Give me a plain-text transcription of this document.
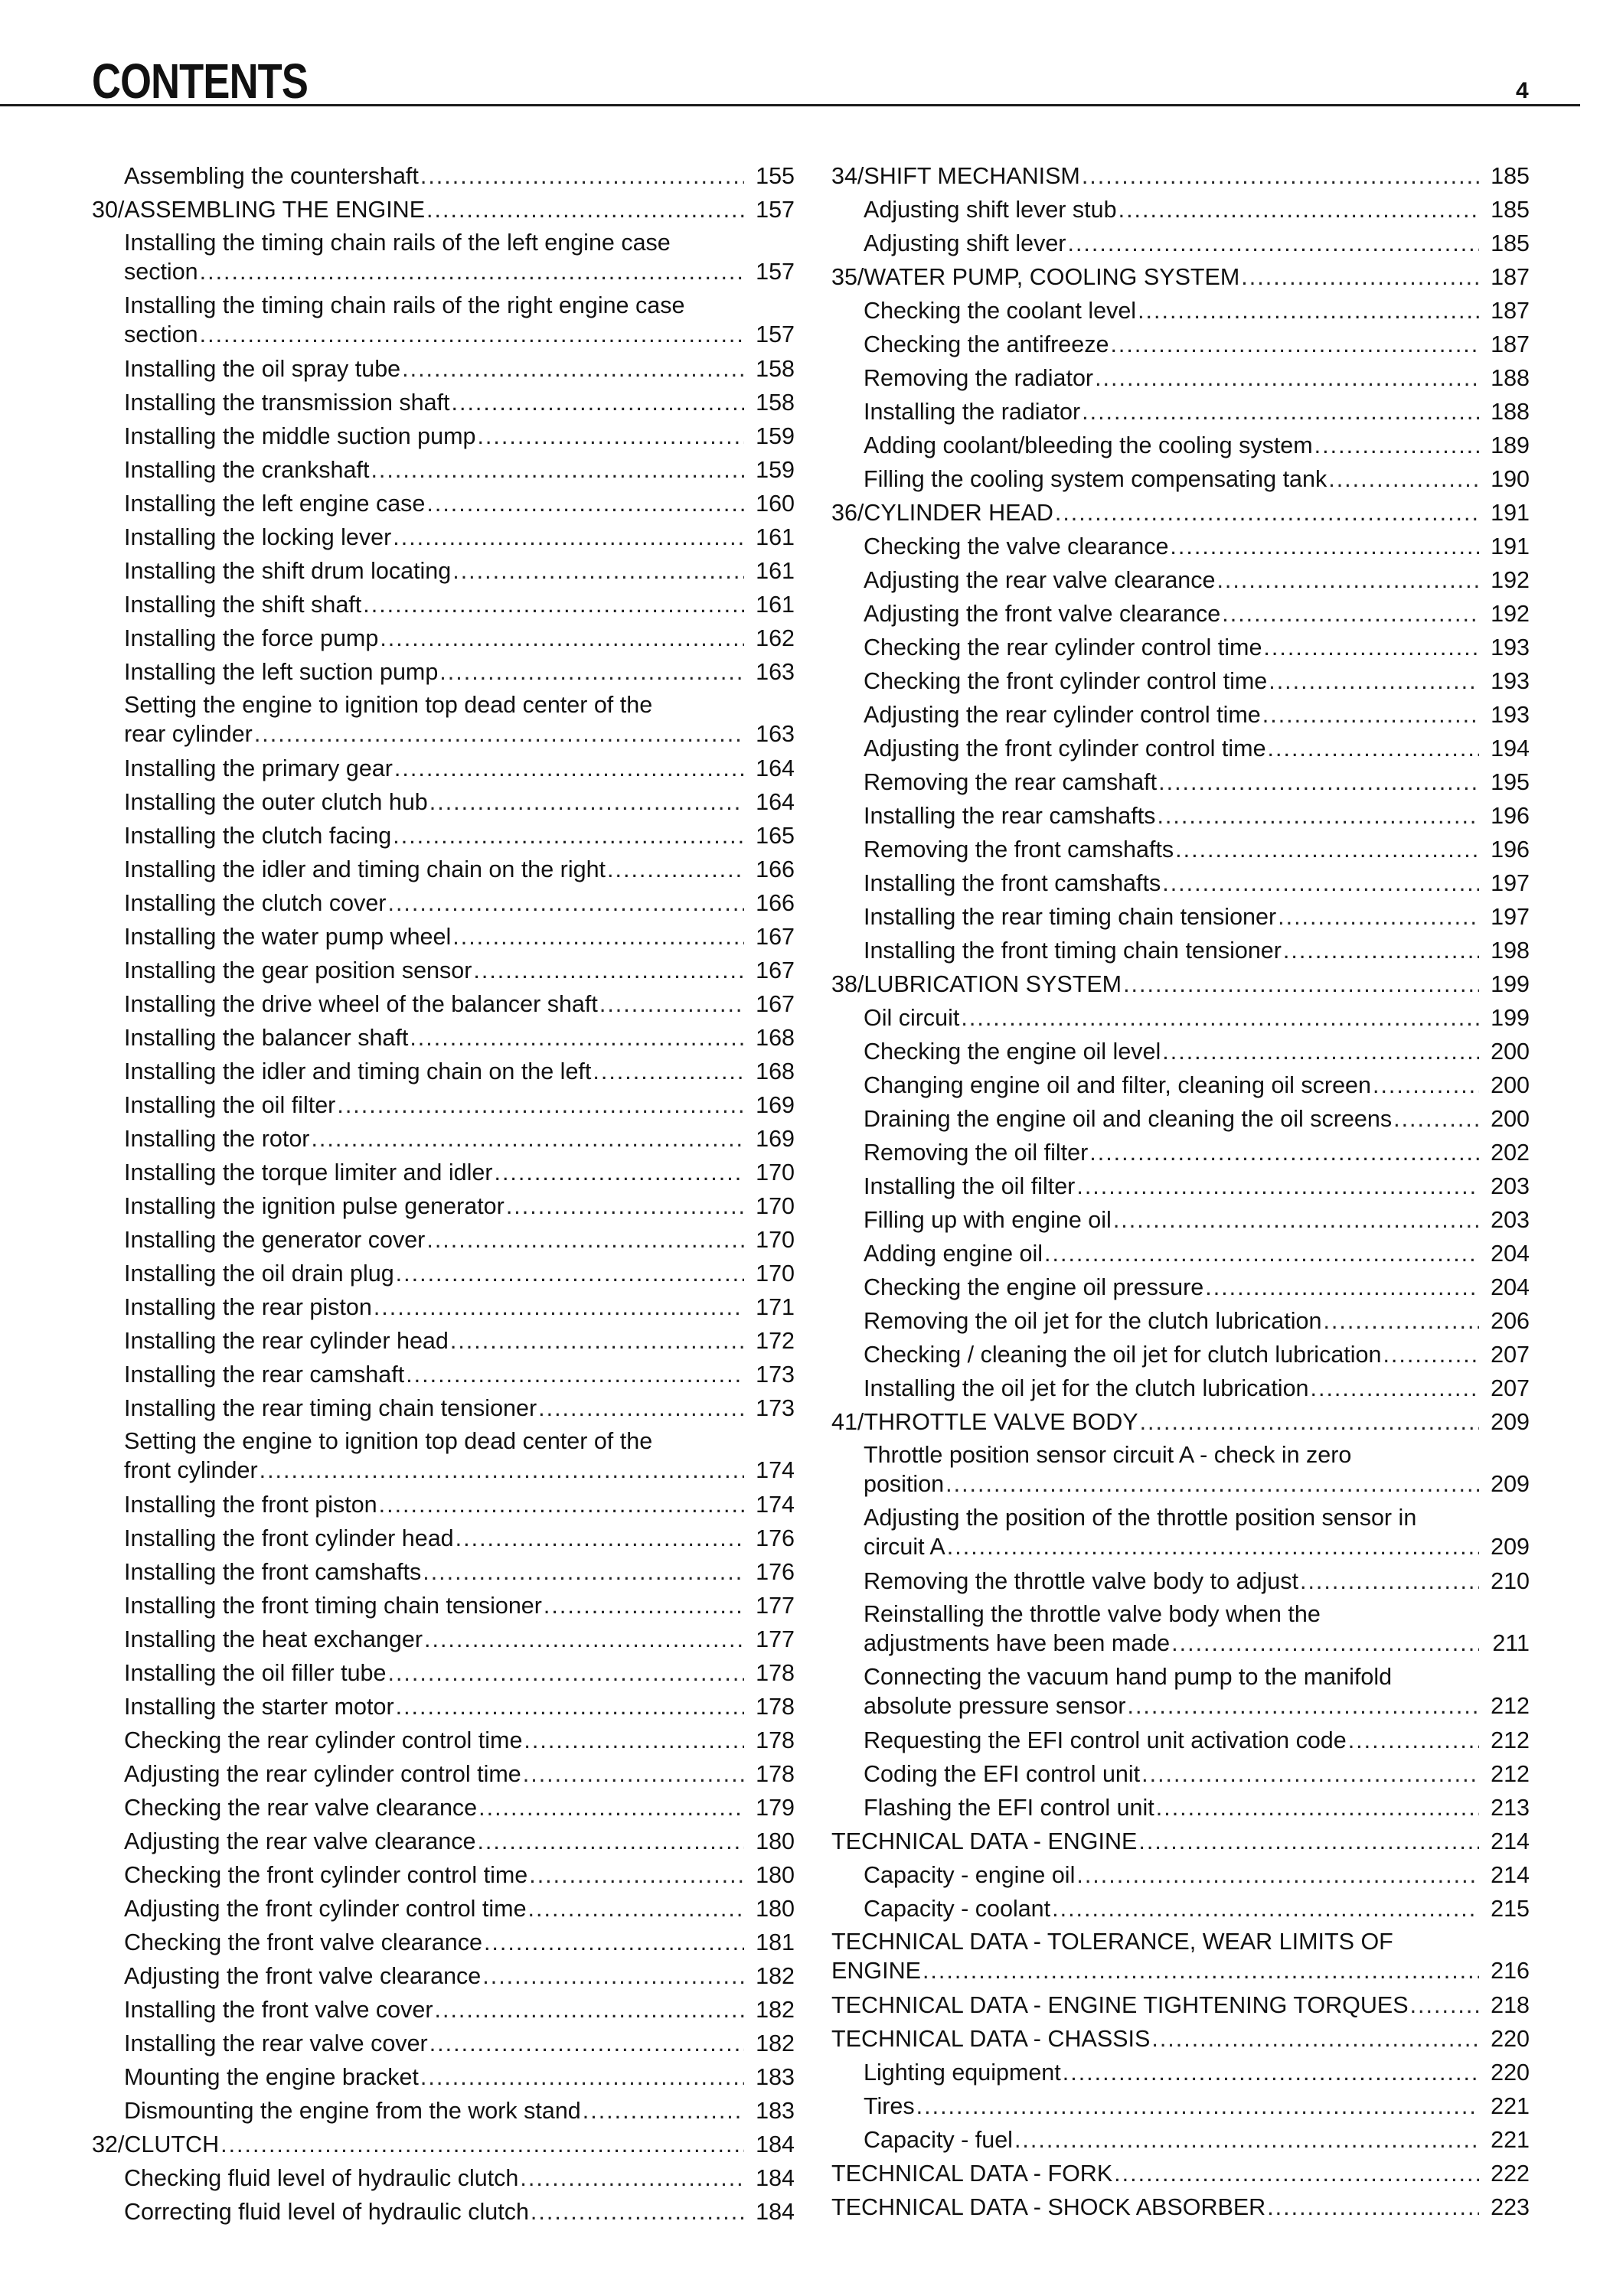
CONTENTS	4
Assembling the countershaft .....	155
30/ASSEMBLING THE ENGINE .....	157
Installing the timing chain rails of the left engine case
section .....	157
Installing the timing chain rails of the right engine case
section .....	157
Installing the oil spray tube .....	158
Installing the transmission shaft .....	158
Installing the middle suction pump .....	159
Installing the crankshaft .....	159
Installing the left engine case .....	160
Installing the locking lever .....	161
Installing the shift drum locating .....	161
Installing the shift shaft .....	161
Installing the force pump .....	162
Installing the left suction pump .....	163
Setting the engine to ignition top dead center of the
rear cylinder .....	163
Installing the primary gear .....	164
Installing the outer clutch hub .....	164
Installing the clutch facing .....	165
Installing the idler and timing chain on the right .....	166
Installing the clutch cover .....	166
Installing the water pump wheel .....	167
Installing the gear position sensor .....	167
Installing the drive wheel of the balancer shaft .....	167
Installing the balancer shaft .....	168
Installing the idler and timing chain on the left .....	168
Installing the oil filter .....	169
Installing the rotor .....	169
Installing the torque limiter and idler .....	170
Installing the ignition pulse generator .....	170
Installing the generator cover .....	170
Installing the oil drain plug .....	170
Installing the rear piston .....	171
Installing the rear cylinder head .....	172
Installing the rear camshaft .....	173
Installing the rear timing chain tensioner .....	173
Setting the engine to ignition top dead center of the
front cylinder .....	174
Installing the front piston .....	174
Installing the front cylinder head .....	176
Installing the front camshafts .....	176
Installing the front timing chain tensioner .....	177
Installing the heat exchanger .....	177
Installing the oil filler tube .....	178
Installing the starter motor .....	178
Checking the rear cylinder control time .....	178
Adjusting the rear cylinder control time .....	178
Checking the rear valve clearance .....	179
Adjusting the rear valve clearance .....	180
Checking the front cylinder control time .....	180
Adjusting the front cylinder control time .....	180
Checking the front valve clearance .....	181
Adjusting the front valve clearance .....	182
Installing the front valve cover .....	182
Installing the rear valve cover .....	182
Mounting the engine bracket .....	183
Dismounting the engine from the work stand .....	183
32/CLUTCH .....	184
Checking fluid level of hydraulic clutch .....	184
Correcting fluid level of hydraulic clutch .....	184
34/SHIFT MECHANISM .....	185
Adjusting shift lever stub .....	185
Adjusting shift lever .....	185
35/WATER PUMP, COOLING SYSTEM .....	187
Checking the coolant level .....	187
Checking the antifreeze .....	187
Removing the radiator .....	188
Installing the radiator .....	188
Adding coolant/bleeding the cooling system .....	189
Filling the cooling system compensating tank .....	190
36/CYLINDER HEAD .....	191
Checking the valve clearance .....	191
Adjusting the rear valve clearance .....	192
Adjusting the front valve clearance .....	192
Checking the rear cylinder control time .....	193
Checking the front cylinder control time .....	193
Adjusting the rear cylinder control time .....	193
Adjusting the front cylinder control time .....	194
Removing the rear camshaft .....	195
Installing the rear camshafts .....	196
Removing the front camshafts .....	196
Installing the front camshafts .....	197
Installing the rear timing chain tensioner .....	197
Installing the front timing chain tensioner .....	198
38/LUBRICATION SYSTEM .....	199
Oil circuit .....	199
Checking the engine oil level .....	200
Changing engine oil and filter, cleaning oil screen .....	200
Draining the engine oil and cleaning the oil screens .....	200
Removing the oil filter .....	202
Installing the oil filter .....	203
Filling up with engine oil .....	203
Adding engine oil .....	204
Checking the engine oil pressure .....	204
Removing the oil jet for the clutch lubrication .....	206
Checking / cleaning the oil jet for clutch lubrication .....	207
Installing the oil jet for the clutch lubrication .....	207
41/THROTTLE VALVE BODY .....	209
Throttle position sensor circuit A - check in zero
position .....	209
Adjusting the position of the throttle position sensor in
circuit A .....	209
Removing the throttle valve body to adjust .....	210
Reinstalling the throttle valve body when the
adjustments have been made .....	211
Connecting the vacuum hand pump to the manifold
absolute pressure sensor .....	212
Requesting the EFI control unit activation code .....	212
Coding the EFI control unit .....	212
Flashing the EFI control unit .....	213
TECHNICAL DATA - ENGINE .....	214
Capacity - engine oil .....	214
Capacity - coolant .....	215
TECHNICAL DATA - TOLERANCE, WEAR LIMITS OF
ENGINE .....	216
TECHNICAL DATA - ENGINE TIGHTENING TORQUES .....	218
TECHNICAL DATA - CHASSIS .....	220
Lighting equipment .....	220
Tires .....	221
Capacity - fuel .....	221
TECHNICAL DATA - FORK .....	222
TECHNICAL DATA - SHOCK ABSORBER .....	223
